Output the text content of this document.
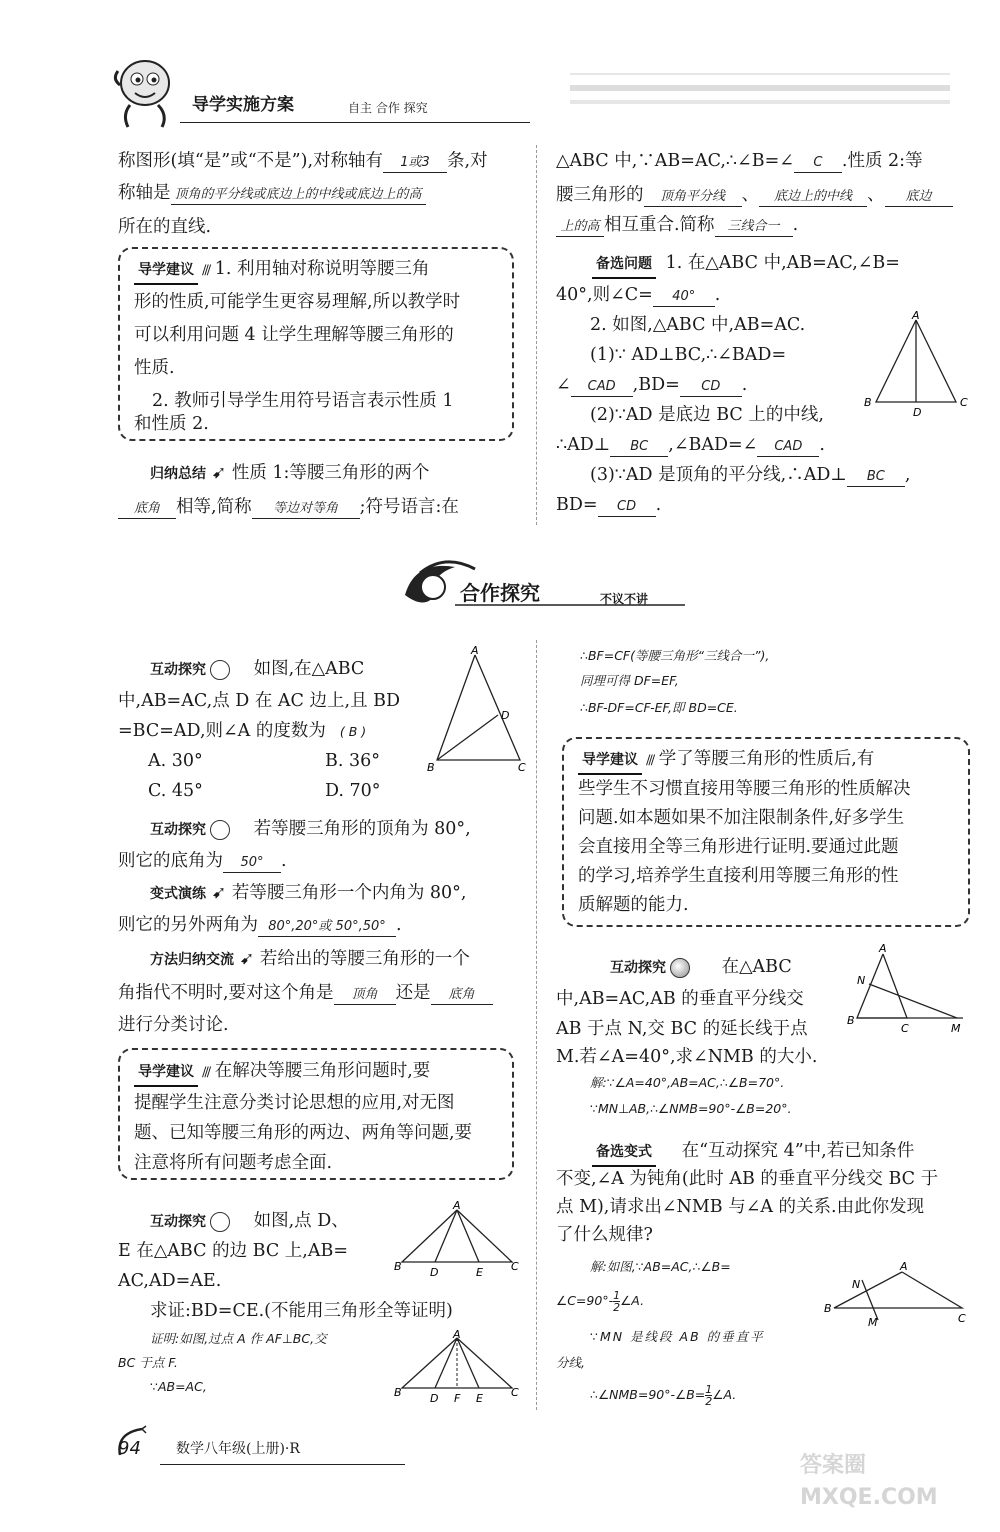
导学实施方案	自主 合作 探究
称图形(填“是”或“不是”),对称轴有 1或3 条,对
称轴是 顶角的平分线或底边上的中线或底边上的高
所在的直线.
导学建议 /// 1. 利用轴对称说明等腰三角
形的性质,可能学生更容易理解,所以教学时
可以利用问题 4 让学生理解等腰三角形的
性质.
2. 教师引导学生用符号语言表示性质 1
和性质 2.
归纳总结 ➹ 性质 1:等腰三角形的两个
底角 相等,简称 等边对等角 ;符号语言:在
△ABC 中,∵AB=AC,∴∠B=∠ C .性质 2:等
腰三角形的 顶角平分线 、 底边上的中线 、 底边
上的高 相互重合.简称 三线合一 .
备选问题 1. 在△ABC 中,AB=AC,∠B=
40°,则∠C= 40° .
2. 如图,△ABC 中,AB=AC.
(1)∵ AD⊥BC,∴∠BAD=
∠ CAD ,BD= CD .
(2)∵AD 是底边 BC 上的中线,
∴AD⊥ BC ,∠BAD=∠ CAD .
(3)∵AD 是顶角的平分线,∴AD⊥ BC ,
BD= CD .
A
B
D
C
合作探究	不议不讲
互动探究	如图,在△ABC
中,AB=AC,点 D 在 AC 边上,且 BD
=BC=AD,则∠A 的度数为 ( B )
A. 30°	B. 36°
C. 45°	D. 70°
A
B	C
D
互动探究	若等腰三角形的顶角为 80°,
则它的底角为 50° .
变式演练 ➹ 若等腰三角形一个内角为 80°,
则它的另外两角为 80°,20°或 50°,50° .
方法归纳交流 ➹ 若给出的等腰三角形的一个
角指代不明时,要对这个角是 顶角 还是 底角
进行分类讨论.
导学建议 /// 在解决等腰三角形问题时,要
提醒学生注意分类讨论思想的应用,对无图
题、已知等腰三角形的两边、两角等问题,要
注意将所有问题考虑全面.
互动探究	如图,点 D、
E 在△ABC 的边 BC 上,AB=
AC,AD=AE.
求证:BD=CE.(不能用三角形全等证明)
证明:如图,过点 A 作 AF⊥BC,交
BC 于点 F.
∵AB=AC,
A
B	D	E	C
A
B	D F E	C
∴BF=CF(等腰三角形“三线合一”),
同理可得 DF=EF,
∴BF-DF=CF-EF,即 BD=CE.
导学建议 /// 学了等腰三角形的性质后,有
些学生不习惯直接用等腰三角形的性质解决
问题.如本题如果不加注限制条件,好多学生
会直接用全等三角形进行证明.要通过此题
的学习,培养学生直接利用等腰三角形的性
质解题的能力.
互动探究	在△ABC
中,AB=AC,AB 的垂直平分线交
AB 于点 N,交 BC 的延长线于点
M.若∠A=40°,求∠NMB 的大小.
解:∵∠A=40°,AB=AC,∴∠B=70°.
∵MN⊥AB,∴∠NMB=90°-∠B=20°.
A
N
B
C	M
备选变式 在“互动探究 4”中,若已知条件
不变,∠A 为钝角(此时 AB 的垂直平分线交 BC 于
点 M),请求出∠NMB 与∠A 的关系.由此你发现
了什么规律?
解:如图,∵AB=AC,∴∠B=
∠C=90°- $\frac{1}{2}$ ∠A.
∵MN 是线段 AB 的垂直平
分线,
∴∠NMB=90°-∠B= $\frac{1}{2}$ ∠A.
A
N
B
M	C
94	数学八年级(上册)·R
答案圈 MXQE.COM
